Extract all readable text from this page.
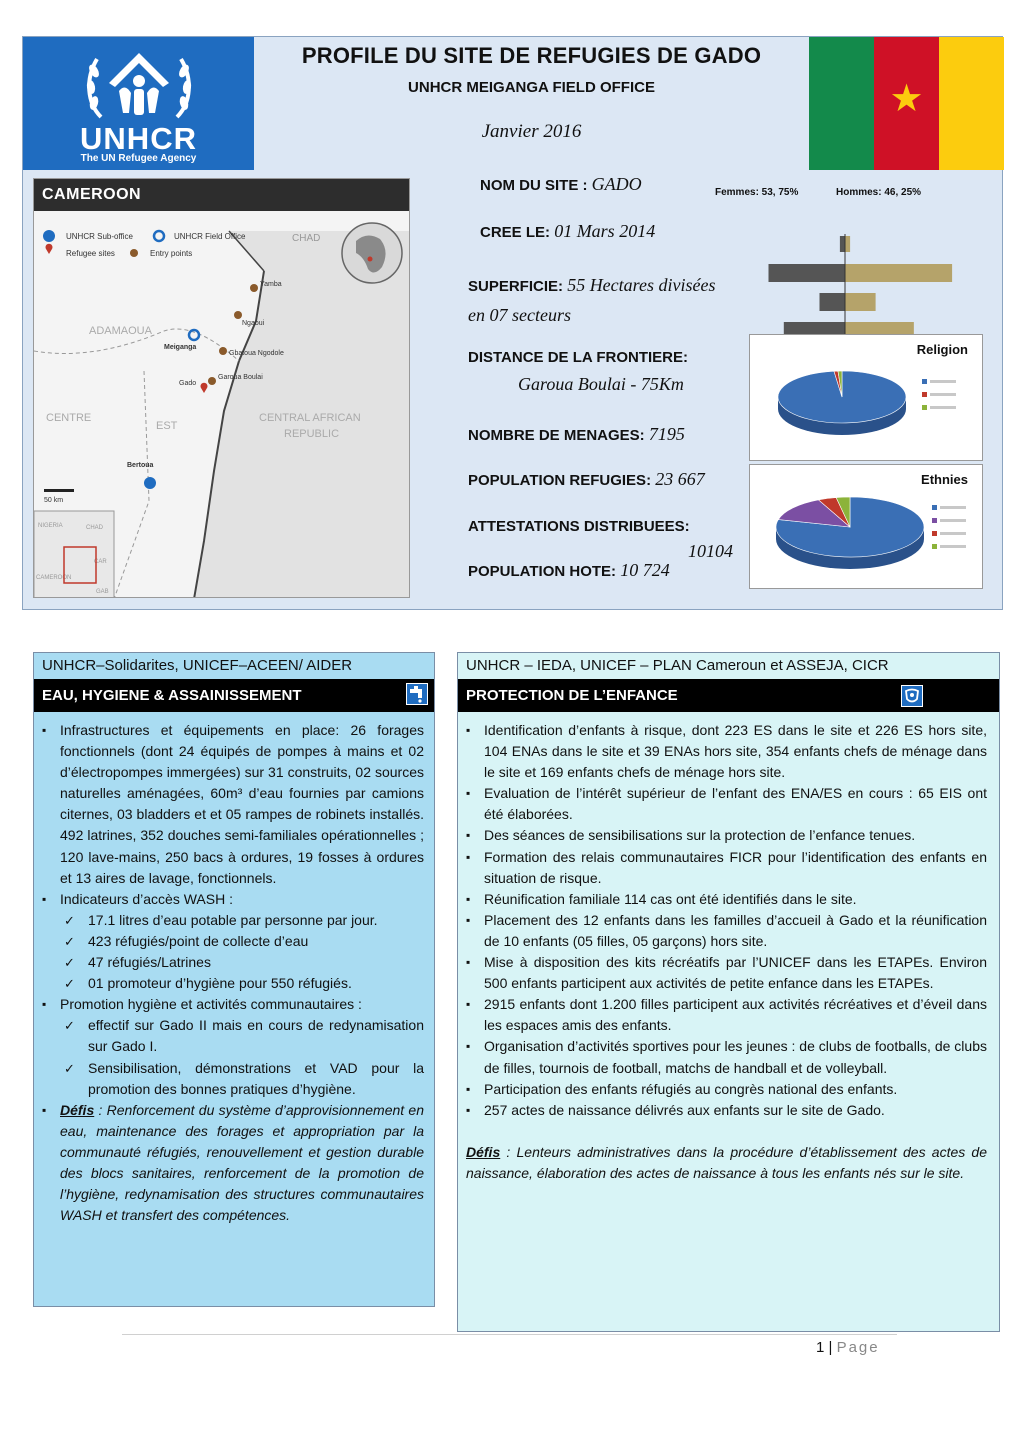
UNHCR
The UN Refugee Agency
PROFILE DU SITE DE REFUGIES DE GADO
UNHCR MEIGANGA FIELD OFFICE
Janvier 2016
★
CAMEROON
UNHCR Sub-office	UNHCR Field Office
Refugee sites	Entry points
CHAD
Yamba
Ngaoui
ADAMAOUA
Meiganga
Gbatoua Ngodole
Gado
Garoua Boulai
CENTRE
EST
CENTRAL AFRICAN
REPUBLIC
Bertoua
50 km
NIGERIA	CHAD
CAMEROON
CAR
GAB
NOM DU SITE : GADO
CREE LE: 01 Mars 2014
SUPERFICIE: 55 Hectares divisées
en 07 secteurs
DISTANCE DE LA FRONTIERE:
Garoua Boulai - 75Km
NOMBRE DE MENAGES: 7195
POPULATION REFUGIES: 23 667
ATTESTATIONS DISTRIBUEES:

10104
POPULATION HOTE: 10 724
Femmes: 53, 75%	Hommes: 46, 25%
Religion
Ethnies
UNHCR–Solidarites, UNICEF–ACEEN/ AIDER
EAU, HYGIENE & ASSAINISSEMENT
▪ Infrastructures et équipements en place: 26 forages fonctionnels (dont 24 équipés de pompes à mains et 02 d’électropompes immergées) sur 31 construits, 02 sources naturelles aménagées, 60m³ d’eau fournies par camions citernes, 03 bladders et et 05 rampes de robinets installés. 492 latrines, 352 douches semi-familiales opérationnelles ; 120 lave-mains, 250 bacs à ordures, 19 fosses à ordures et 13 aires de lavage, fonctionnels.
▪ Indicateurs d’accès WASH :
✓ 17.1 litres d’eau potable par personne par jour.
✓ 423 réfugiés/point de collecte d’eau
✓ 47 réfugiés/Latrines
✓ 01 promoteur d’hygiène pour 550 réfugiés.
▪ Promotion hygiène et activités communautaires :
✓ effectif sur Gado II mais en cours de redynamisation sur Gado I.
✓ Sensibilisation, démonstrations et VAD pour la promotion des bonnes pratiques d’hygiène.
▪ Défis : Renforcement du système d’approvisionnement en eau, maintenance des forages et appropriation par la communauté réfugiés, renouvellement et gestion durable des blocs sanitaires, renforcement de la promotion de l’hygiène, redynamisation des structures communautaires WASH et transfert des compétences.
UNHCR – IEDA, UNICEF – PLAN Cameroun et ASSEJA, CICR
PROTECTION DE L’ENFANCE
▪ Identification d’enfants à risque, dont 223 ES dans le site et 226 ES hors site, 104 ENAs dans le site et 39 ENAs hors site, 354 enfants chefs de ménage dans le site et 169 enfants chefs de ménage hors site.
▪ Evaluation de l’intérêt supérieur de l’enfant des ENA/ES en cours : 65 EIS ont été élaborées.
▪ Des séances de sensibilisations sur la protection de l’enfance tenues.
▪ Formation des relais communautaires FICR pour l’identification des enfants en situation de risque.
▪ Réunification familiale 114 cas ont été identifiés dans le site.
▪ Placement des 12 enfants dans les familles d’accueil à Gado et la réunification de 10 enfants (05 filles, 05 garçons) hors site.
▪ Mise à disposition des kits récréatifs par l’UNICEF dans les ETAPEs. Environ 500 enfants participent aux activités de petite enfance dans les ETAPEs.
▪ 2915 enfants dont 1.200 filles participent aux activités récréatives et d’éveil dans les espaces amis des enfants.
▪ Organisation d’activités sportives pour les jeunes : de clubs de footballs, de clubs de filles, tournois de football, matchs de handball et de volleyball.
▪ Participation des enfants réfugiés au congrès national des enfants.
▪ 257 actes de naissance délivrés aux enfants sur le site de Gado.
Défis : Lenteurs administratives dans la procédure d’établissement des actes de naissance, élaboration des actes de naissance à tous les enfants nés sur le site.
1 | Page
